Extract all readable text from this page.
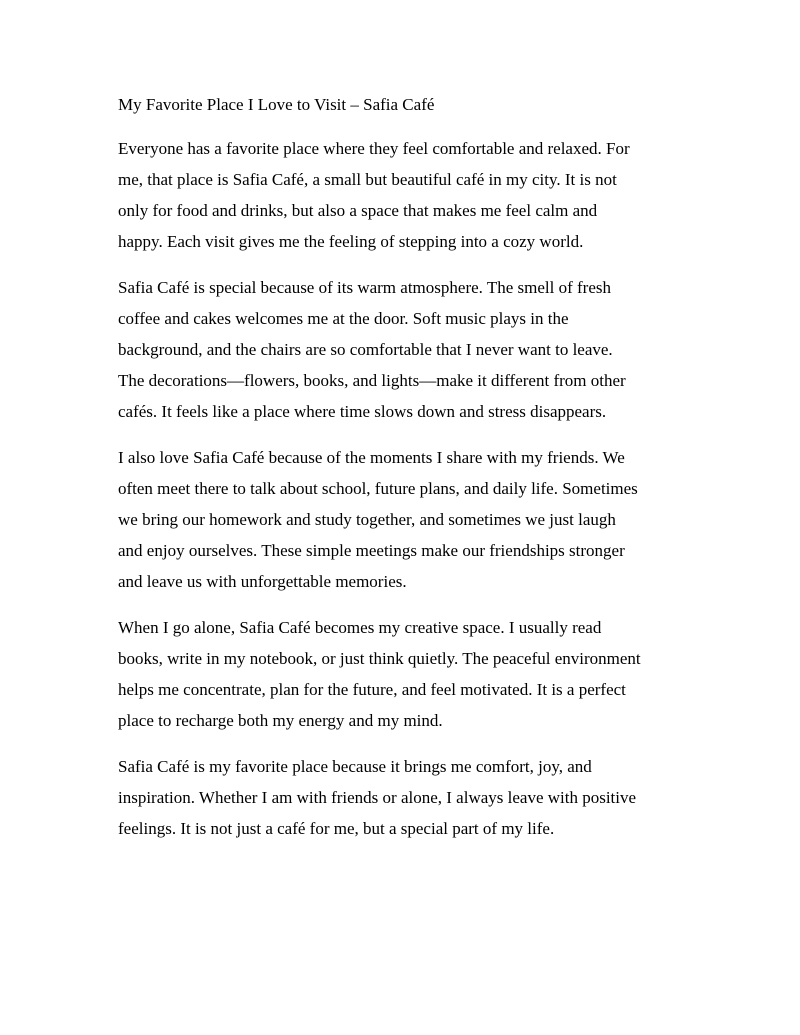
My Favorite Place I Love to Visit – Safia Café

Everyone has a favorite place where they feel comfortable and relaxed. For
me, that place is Safia Café, a small but beautiful café in my city. It is not
only for food and drinks, but also a space that makes me feel calm and
happy. Each visit gives me the feeling of stepping into a cozy world.

Safia Café is special because of its warm atmosphere. The smell of fresh
coffee and cakes welcomes me at the door. Soft music plays in the
background, and the chairs are so comfortable that I never want to leave.
The decorations—flowers, books, and lights—make it different from other
cafés. It feels like a place where time slows down and stress disappears.

I also love Safia Café because of the moments I share with my friends. We
often meet there to talk about school, future plans, and daily life. Sometimes
we bring our homework and study together, and sometimes we just laugh
and enjoy ourselves. These simple meetings make our friendships stronger
and leave us with unforgettable memories.

When I go alone, Safia Café becomes my creative space. I usually read
books, write in my notebook, or just think quietly. The peaceful environment
helps me concentrate, plan for the future, and feel motivated. It is a perfect
place to recharge both my energy and my mind.

Safia Café is my favorite place because it brings me comfort, joy, and
inspiration. Whether I am with friends or alone, I always leave with positive
feelings. It is not just a café for me, but a special part of my life.
